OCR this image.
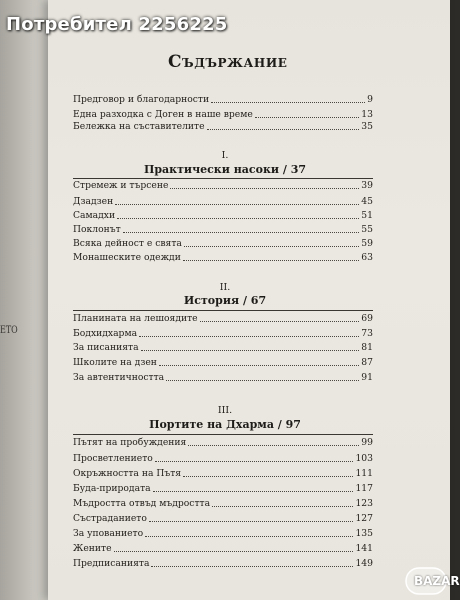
ЕТО
Потребител 2256225
Съдържание
Предговор и благодарности	9
Една разходка с Доген в наше време	13
Бележка на съставителите	35
I.
Практически насоки / 37
Стремеж и търсене	39
Дзадзен	45
Самадхи	51
Поклонът	55
Всяка дейност е свята	59
Монашеските одежди	63
II.
История / 67
Планината на лешоядите	69
Бодхидхарма	73
За писанията	81
Школите на дзен	87
За автентичността	91
III.
Портите на Дхарма / 97
Пътят на пробуждения	99
Просветлението	103
Окръжността на Пътя	111
Буда-природата	117
Мъдростта отвъд мъдростта	123
Състраданието	127
За упованието	135
Жените	141
Предписанията	149
BAZAR
